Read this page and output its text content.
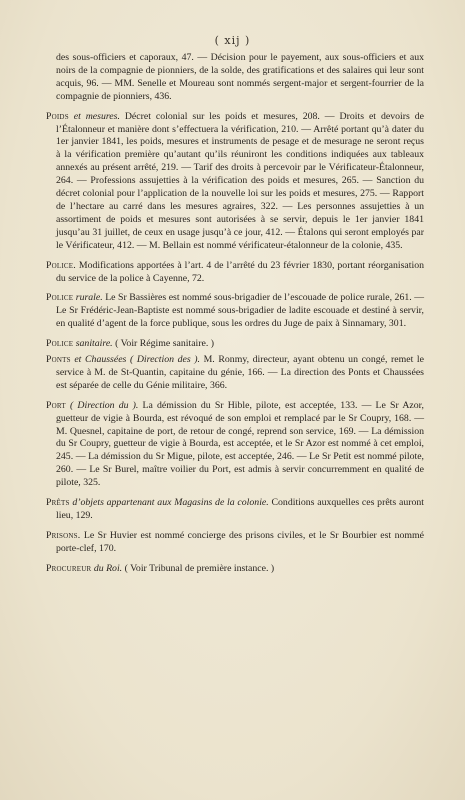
( xij )

des sous-officiers et caporaux, 47. — Décision pour le payement, aux sous-officiers et aux noirs de la compagnie de pionniers, de la solde, des gratifications et des salaires qui leur sont acquis, 96. — MM. Senelle et Moureau sont nommés sergent-major et sergent-fourrier de la compagnie de pionniers, 436.

Poids et mesures. Décret colonial sur les poids et mesures, 208. — Droits et devoirs de l’Étalonneur et manière dont s’effectuera la vérification, 210. — Arrêté portant qu’à dater du 1er janvier 1841, les poids, mesures et instruments de pesage et de mesurage ne seront reçus à la vérification première qu’autant qu’ils réuniront les conditions indiquées aux tableaux annexés au présent arrêté, 219. — Tarif des droits à percevoir par le Vérificateur-Étalonneur, 264. — Professions assujetties à la vérification des poids et mesures, 265. — Sanction du décret colonial pour l’application de la nouvelle loi sur les poids et mesures, 275. — Rapport de l’hectare au carré dans les mesures agraires, 322. — Les personnes assujetties à un assortiment de poids et mesures sont autorisées à se servir, depuis le 1er janvier 1841 jusqu’au 31 juillet, de ceux en usage jusqu’à ce jour, 412. — Étalons qui seront employés par le Vérificateur, 412. — M. Bellain est nommé vérificateur-étalonneur de la colonie, 435.

Police. Modifications apportées à l’art. 4 de l’arrêté du 23 février 1830, portant réorganisation du service de la police à Cayenne, 72.

Police rurale. Le Sr Bassières est nommé sous-brigadier de l’escouade de police rurale, 261. — Le Sr Frédéric-Jean-Baptiste est nommé sous-brigadier de ladite escouade et destiné à servir, en qualité d’agent de la force publique, sous les ordres du Juge de paix à Sinnamary, 301.

Police sanitaire. ( Voir Régime sanitaire. )

Ponts et Chaussées ( Direction des ). M. Ronmy, directeur, ayant obtenu un congé, remet le service à M. de St-Quantin, capitaine du génie, 166. — La direction des Ponts et Chaussées est séparée de celle du Génie militaire, 366.

Port ( Direction du ). La démission du Sr Hible, pilote, est acceptée, 133. — Le Sr Azor, guetteur de vigie à Bourda, est révoqué de son emploi et remplacé par le Sr Coupry, 168. — M. Quesnel, capitaine de port, de retour de congé, reprend son service, 169. — La démission du Sr Coupry, guetteur de vigie à Bourda, est acceptée, et le Sr Azor est nommé à cet emploi, 245. — La démission du Sr Migue, pilote, est acceptée, 246. — Le Sr Petit est nommé pilote, 260. — Le Sr Burel, maître voilier du Port, est admis à servir concurremment en qualité de pilote, 325.

Prêts d’objets appartenant aux Magasins de la colonie. Conditions auxquelles ces prêts auront lieu, 129.

Prisons. Le Sr Huvier est nommé concierge des prisons civiles, et le Sr Bourbier est nommé porte-clef, 170.

Procureur du Roi. ( Voir Tribunal de première instance. )
